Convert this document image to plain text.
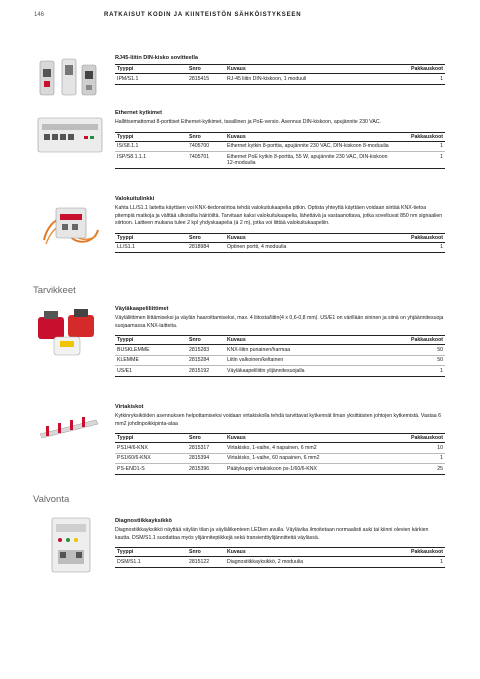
146	RATKAISUT KODIN JA KIINTEISTÖN SÄHKÖISTYKSEEN
Tarvikkeet
Valvonta
RJ45-liitin DIN-kisko sovitteella
Tyyppi	Snro	Kuvaus	Pakkauskoot
IPM/S1.1	2815415	RJ-45 liitin DIN-kiskoon, 1 moduuli	1
Ethernet kytkimet
Hallittsemattomat 8-porttiset Ethernet-kytkimet, tavallinen ja PoE-versio. Asennus DIN-kiskoon, apujännite 230 VAC.
Tyyppi	Snro	Kuvaus	Pakkauskoot
IS/S8.1.1	7405700	Ethernet kytkin 8-porttia, apujännite 230 VAC, DIN-kiskoon 8-moduulia	1
ISP/S8.1.1.1	7405701	Ethernet PoE kytkin 8-porttia, 55 W, apujännite 230 VAC, DIN-kiskoon 12-moduulia	1
Valokuitulinkki
Kahta LL/S1.1 laitetta käyttäen voi KNX-tiedonsiirtoa tehdä valokuitukaapelia pitkin. Optista yhteyttä käyttäen voidaan siirtää KNX-tietoa pitempiä matkoja ja välttää ulkoisilta häiriöiltä. Tarvitaan kaksi valokuitukaapelia, lähettävä ja vastaanottava, jotka soveltuvat 850 nm signaalien siirtoon. Laitteen mukana tulee 2 kpl yhdyskaapelia (á 2 m), jotka voi liittää valokuitukaapeliin.
Tyyppi	Snro	Kuvaus	Pakkauskoot
LL/S1.1	2818984	Optinen portti, 4 moduulia	1
Väyläkaapeliliittimet
Väyläliittimen liittämiseksi ja väylän haaroittamiseksi, max. 4 liitosta/liitin(4 x 0,6-0,8 mm). US/E1 on värillään sininen ja siinä on yhjäännitesuoja suojaamassa KNX-laitteita.
Tyyppi	Snro	Kuvaus	Pakkauskoot
BUSKLEMME	2815283	KNX-liitin punainen/harmaa	50
KLEMME	2815284	Liitin valkoinen/keltainen	50
US/E1	2815192	Väyläkaapeliliitin ylijännitesuojalla	1
Virtakiskot
Kytkinryksiköiden asennuksen helpottamiseksi voidaan virtakiskolla tehdä tarvittavat kytkennät ilman yksittäisten johtojen kytkemistä. Vastaa 6 mm2 johdinpoikkipinta-alaa
Tyyppi	Snro	Kuvaus	Pakkauskoot
PS1/4/6-KNX	2815317	Virtakisko, 1-vaihe, 4 napainen, 6 mm2	10
PS1/60/6-KNX	2815394	Virtakisko, 1-vaihe, 60 napainen, 6 mm2	1
PS-END1-S	2815396	Päätykuppi virtakiskoon ps-1/60/6-KNX	25
Diagnostiikkayksikkö
Diagnostiikkayksikkö näyttää väylän tilan ja väyläliikenteen LEDien avulla. Väylävika ilmoitetaan normaalisti auki tai kiinni olevien kärkien kautta. DSM/S1.1 suodattaa myös ylijännitepiikkejä sekä transienttiylijännitteitä väylässä.
Tyyppi	Snro	Kuvaus	Pakkauskoot
DSM/S1.1	2815122	Diagnostiikkayksikkö, 2 moduulia	1
